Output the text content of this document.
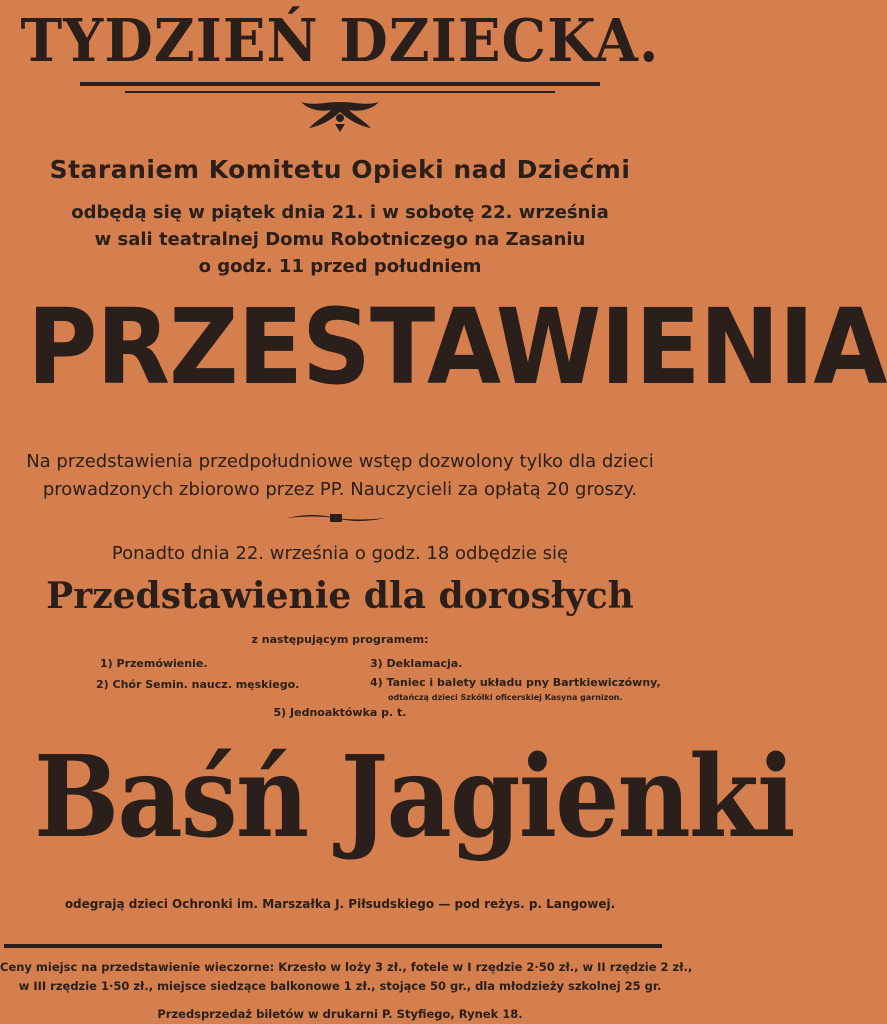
TYDZIEŃ DZIECKA.
Staraniem Komitetu Opieki nad Dziećmi
odbędą się w piątek dnia 21. i w sobotę 22. września
w sali teatralnej Domu Robotniczego na Zasaniu
o godz. 11 przed południem
PRZESTAWIENIA
Na przedstawienia przedpołudniowe wstęp dozwolony tylko dla dzieci
prowadzonych zbiorowo przez PP. Nauczycieli za opłatą 20 groszy.
Ponadto dnia 22. września o godz. 18 odbędzie się
Przedstawienie dla dorosłych
z następującym programem:
1) Przemówienie.
2) Chór Semin. naucz. męskiego.
3) Deklamacja.
4) Taniec i balety układu pny Bartkiewiczówny,
odtańczą dzieci Szkółki oficerskiej Kasyna garnizon.
5) Jednoaktówka p. t.
Baśń Jagienki
odegrają dzieci Ochronki im. Marszałka J. Piłsudskiego — pod reżys. p. Langowej.
Ceny miejsc na przedstawienie wieczorne: Krzesło w loży 3 zł., fotele w I rzędzie 2·50 zł., w II rzędzie 2 zł.,
w III rzędzie 1·50 zł., miejsce siedzące balkonowe 1 zł., stojące 50 gr., dla młodzieży szkolnej 25 gr.
Przedsprzedaż biletów w drukarni P. Styfiego, Rynek 18.
